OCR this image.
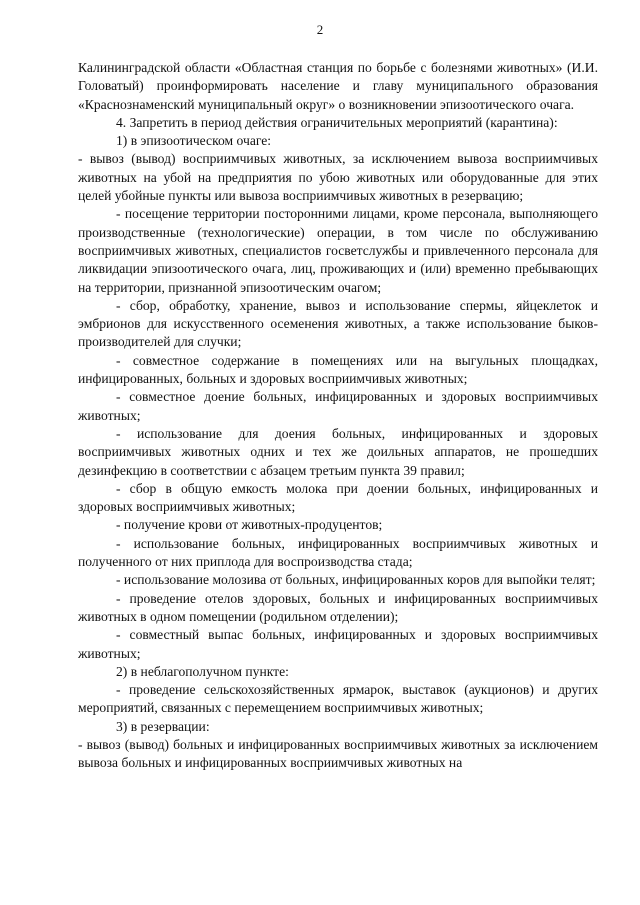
2

Калининградской области «Областная станция по борьбе с болезнями животных» (И.И. Головатый) проинформировать население и главу муниципального образования «Краснознаменский муниципальный округ» о возникновении эпизоотического очага.

4. Запретить в период действия ограничительных мероприятий (карантина):

1) в эпизоотическом очаге:

- вывоз (вывод) восприимчивых животных, за исключением вывоза восприимчивых животных на убой на предприятия по убою животных или оборудованные для этих целей убойные пункты или вывоза восприимчивых животных в резервацию;

- посещение территории посторонними лицами, кроме персонала, выполняющего производственные (технологические) операции, в том числе по обслуживанию восприимчивых животных, специалистов госветслужбы и привлеченного персонала для ликвидации эпизоотического очага, лиц, проживающих и (или) временно пребывающих на территории, признанной эпизоотическим очагом;

- сбор, обработку, хранение, вывоз и использование спермы, яйцеклеток и эмбрионов для искусственного осеменения животных, а также использование быков-производителей для случки;

- совместное содержание в помещениях или на выгульных площадках, инфицированных, больных и здоровых восприимчивых животных;

- совместное доение больных, инфицированных и здоровых восприимчивых животных;

- использование для доения больных, инфицированных и здоровых восприимчивых животных одних и тех же доильных аппаратов, не прошедших дезинфекцию в соответствии с абзацем третьим пункта 39 правил;

- сбор в общую емкость молока при доении больных, инфицированных и здоровых восприимчивых животных;

- получение крови от животных-продуцентов;

- использование больных, инфицированных восприимчивых животных и полученного от них приплода для воспроизводства стада;

- использование молозива от больных, инфицированных коров для выпойки телят;

- проведение отелов здоровых, больных и инфицированных восприимчивых животных в одном помещении (родильном отделении);

- совместный выпас больных, инфицированных и здоровых восприимчивых животных;

2) в неблагополучном пункте:

- проведение сельскохозяйственных ярмарок, выставок (аукционов) и других мероприятий, связанных с перемещением восприимчивых животных;

3) в резервации:

- вывоз (вывод) больных и инфицированных восприимчивых животных за исключением вывоза больных и инфицированных восприимчивых животных на
